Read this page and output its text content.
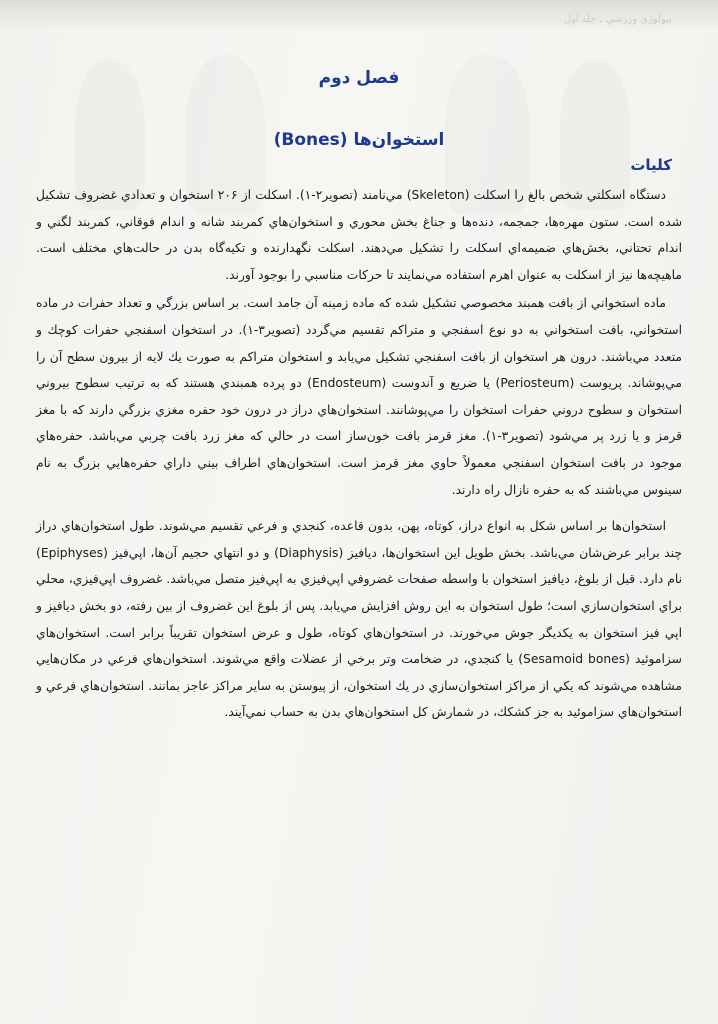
بيولوژي ورزشي ـ جلد اول
فصل دوم
استخوان‌ها (Bones)
كليات

دستگاه اسكلتي شخص بالغ را اسكلت (Skeleton) مي‌نامند (تصوير۲-۱). اسكلت از ۲۰۶ استخوان و تعدادي غضروف تشكيل شده است. ستون مهره‌ها، جمجمه، دنده‌ها و جناغ بخش محوري و استخوان‌هاي كمربند شانه و اندام فوقاني، كمربند لگني و اندام تحتاني، بخش‌هاي ضميمه‌اي اسكلت را تشكيل مي‌دهند. اسكلت نگهدارنده و تكيه‌گاه بدن در حالت‌هاي مختلف است. ماهيچه‌ها نيز از اسكلت به عنوان اهرم استفاده مي‌نمايند تا حركات مناسبي را بوجود آورند.

ماده استخواني از بافت همبند مخصوصي تشكيل شده كه ماده زمينه آن جامد است. بر اساس بزرگي و تعداد حفرات در ماده استخواني، بافت استخواني به دو نوع اسفنجي و متراكم تقسيم مي‌گردد (تصوير۳-۱). در استخوان اسفنجي حفرات كوچك و متعدد مي‌باشند. درون هر استخوان از بافت اسفنجي تشكيل مي‌يابد و استخوان متراكم به صورت يك لايه از بيرون سطح آن را مي‌پوشاند. پريوست (Periosteum) يا ضريع و آندوست (Endosteum) دو پرده همبندي هستند كه به ترتيب سطوح بيروني استخوان و سطوح دروني حفرات استخوان را مي‌پوشانند. استخوان‌هاي دراز در درون خود حفره مغزي بزرگي دارند كه با مغز قرمز و يا زرد پر مي‌شود (تصوير۳-۱). مغز قرمز بافت خون‌ساز است در حالي كه مغز زرد بافت چربي مي‌باشد. حفره‌هاي موجود در بافت استخوان اسفنجي معمولاً حاوي مغز قرمز است. استخوان‌هاي اطراف بيني داراي حفره‌هايي بزرگ به نام سينوس مي‌باشند كه به حفره نازال راه دارند.

استخوان‌ها بر اساس شكل به انواع دراز، كوتاه، پهن، بدون قاعده، كنجدي و فرعي تقسيم مي‌شوند. طول استخوان‌هاي دراز چند برابر عرض‌شان مي‌باشد. بخش طويل اين استخوان‌ها، ديافيز (Diaphysis) و دو انتهاي حجيم آن‌ها، اپي‌فيز (Epiphyses) نام دارد. قبل از بلوغ، ديافيز استخوان با واسطه صفحات غضروفي اپي‌فيزي به اپي‌فيز متصل مي‌باشد. غضروف اپي‌فيزي، محلي براي استخوان‌سازي است؛ طول استخوان به اين روش افزايش مي‌يابد. پس از بلوغ اين غضروف از بين رفته، دو بخش ديافيز و اپي فيز استخوان به يكديگر جوش مي‌خورند. در استخوان‌هاي كوتاه، طول و عرض استخوان تقريباً برابر است. استخوان‌هاي سزاموئيد (Sesamoid bones) يا كنجدي، در ضخامت وتر برخي از عضلات واقع مي‌شوند. استخوان‌هاي فرعي در مكان‌هايي مشاهده مي‌شوند كه يكي از مراكز استخوان‌سازي در يك استخوان، از پيوستن به ساير مراكز عاجز بمانند. استخوان‌هاي فرعي و استخوان‌هاي سزاموئيد به جز كشكك، در شمارش كل استخوان‌هاي بدن به حساب نمي‌آيند.
